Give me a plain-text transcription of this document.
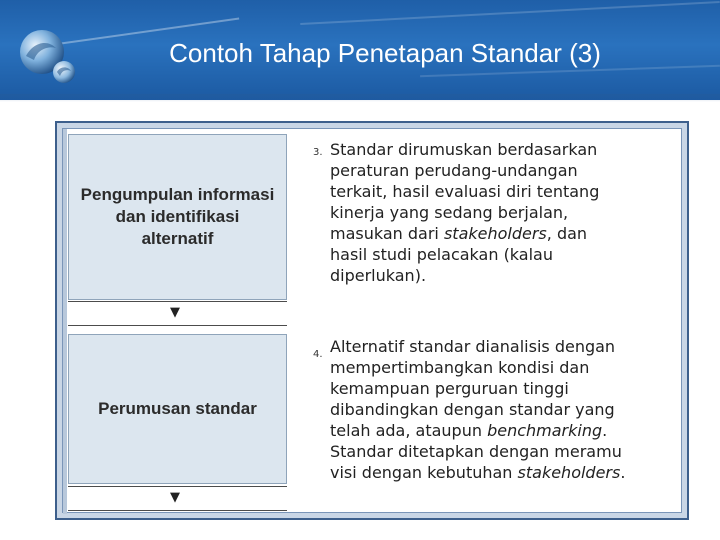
Contoh Tahap Penetapan Standar (3)
Pengumpulan informasi dan identifikasi alternatif
▼
Perumusan standar
▼
3. Standar dirumuskan berdasarkan
peraturan perudang-undangan
terkait, hasil evaluasi diri tentang
kinerja yang sedang berjalan,
masukan dari stakeholders, dan
hasil studi pelacakan (kalau
diperlukan).
4. Alternatif standar dianalisis dengan
mempertimbangkan kondisi dan
kemampuan perguruan tinggi
dibandingkan dengan standar yang
telah ada, ataupun benchmarking.
Standar ditetapkan dengan meramu
visi dengan kebutuhan stakeholders.
